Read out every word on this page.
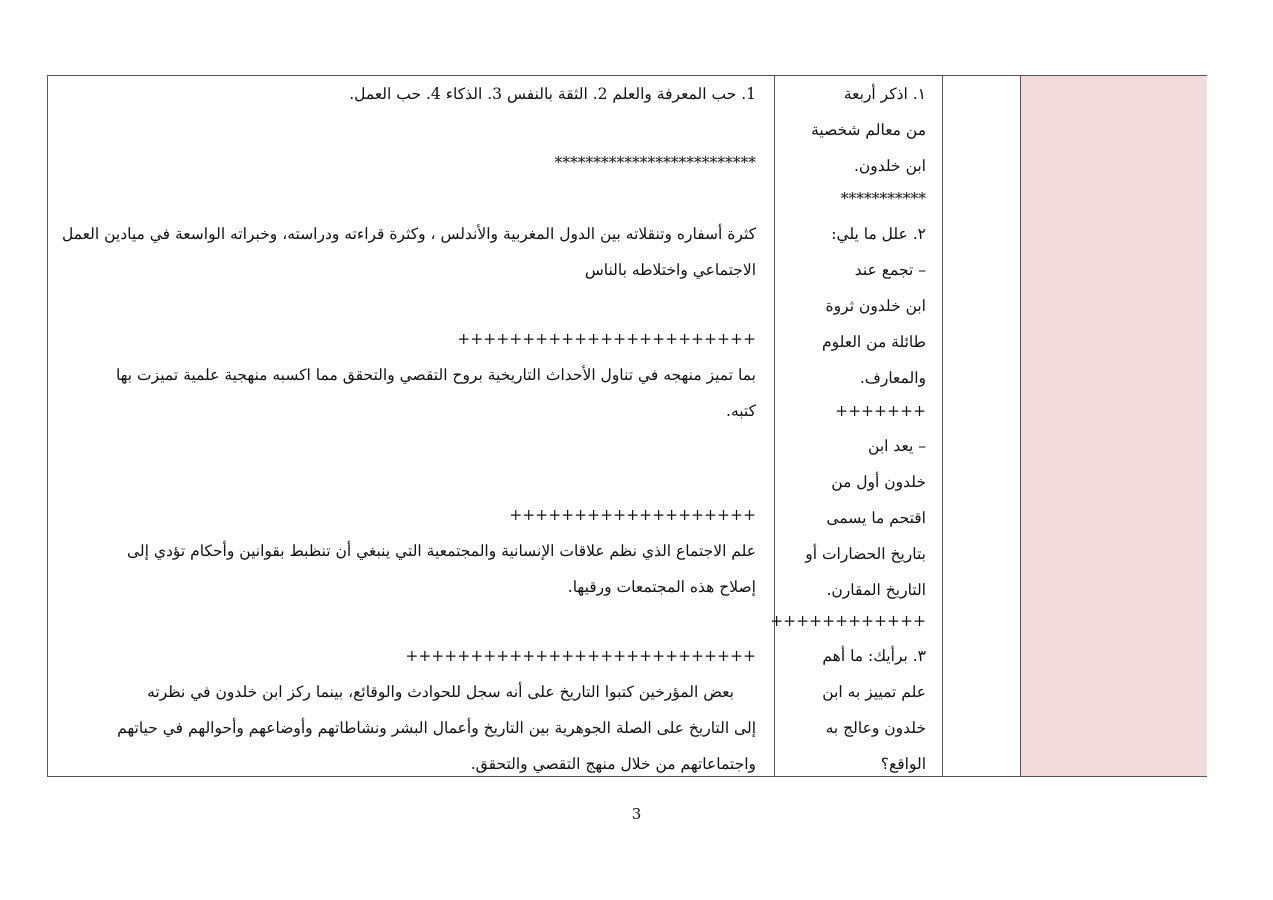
١. اذكر أربعة
من معالم شخصية
ابن خلدون.
***********
٢. علل ما يلي:
– تجمع عند
ابن خلدون ثروة
طائلة من العلوم
والمعارف.
+++++++
– يعد ابن
خلدون أول من
اقتحم ما يسمى
بتاريخ الحضارات أو
التاريخ المقارن.
++++++++++++
٣. برأيك: ما أهم
علم تمييز به ابن
خلدون وعالج به
الواقع؟
1. حب المعرفة والعلم 2. الثقة بالنفس 3. الذكاء 4. حب العمل.
**************************
كثرة أسفاره وتنقلاته بين الدول المغربية والأندلس ، وكثرة قراءته ودراسته، وخبراته الواسعة في ميادين العمل
الاجتماعي واختلاطه بالناس
+++++++++++++++++++++++
بما تميز منهجه في تناول الأحداث التاريخية بروح التقصي والتحقق مما اكسبه منهجية علمية تميزت بها
كتبه.
+++++++++++++++++++
علم الاجتماع الذي نظم علاقات الإنسانية والمجتمعية التي ينبغي أن تنظبط بقوانين وأحكام تؤدي إلى
إصلاح هذه المجتمعات ورقيها.
+++++++++++++++++++++++++++
بعض المؤرخين كتبوا التاريخ على أنه سجل للحوادث والوقائع، بينما ركز ابن خلدون في نظرته
إلى التاريخ على الصلة الجوهرية بين التاريخ وأعمال البشر ونشاطاتهم وأوضاعهم وأحوالهم في حياتهم
واجتماعاتهم من خلال منهج التقصي والتحقق.
3
